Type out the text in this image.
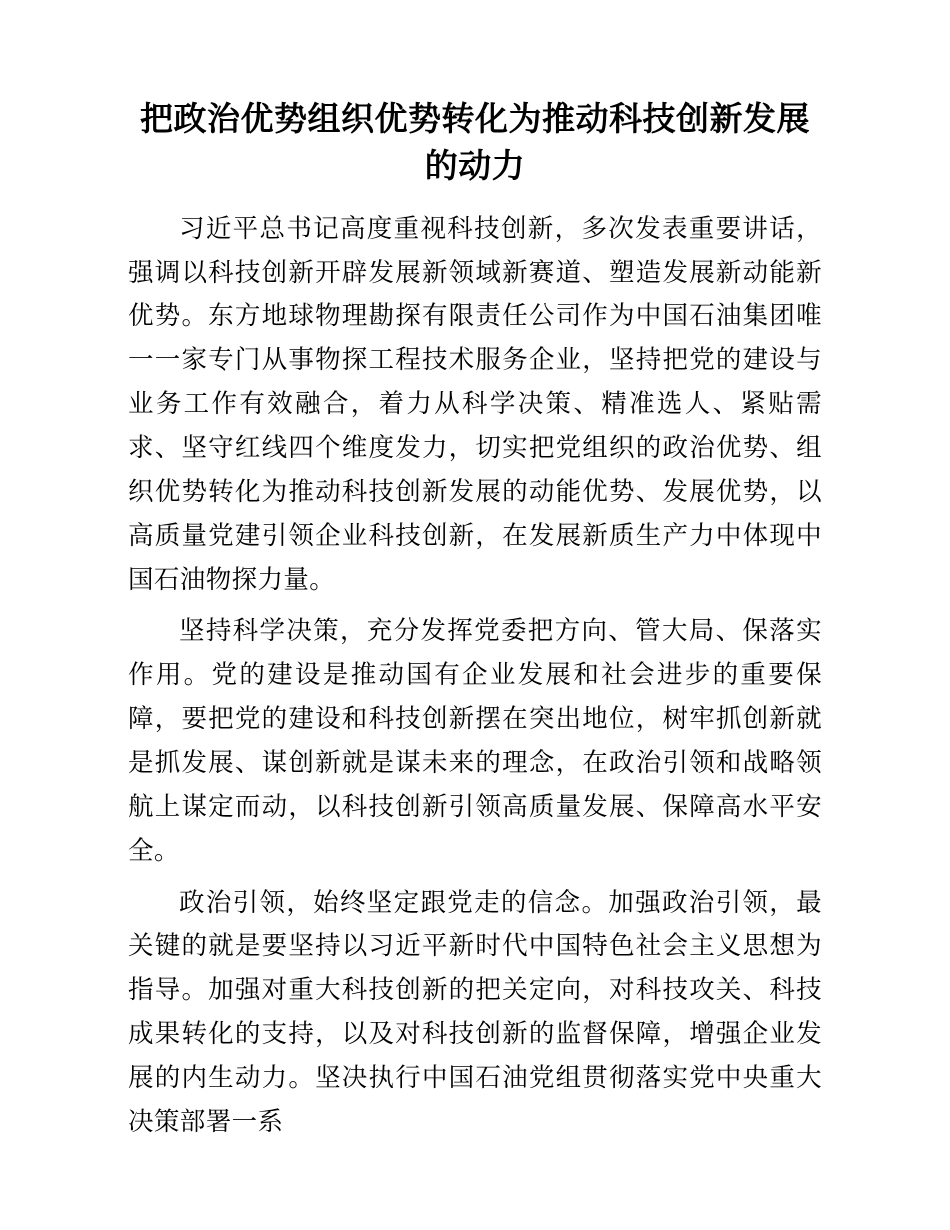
把政治优势组织优势转化为推动科技创新发展的动力

习近平总书记高度重视科技创新，多次发表重要讲话，强调以科技创新开辟发展新领域新赛道、塑造发展新动能新优势。东方地球物理勘探有限责任公司作为中国石油集团唯一一家专门从事物探工程技术服务企业，坚持把党的建设与业务工作有效融合，着力从科学决策、精准选人、紧贴需求、坚守红线四个维度发力，切实把党组织的政治优势、组织优势转化为推动科技创新发展的动能优势、发展优势，以高质量党建引领企业科技创新，在发展新质生产力中体现中国石油物探力量。

坚持科学决策，充分发挥党委把方向、管大局、保落实作用。党的建设是推动国有企业发展和社会进步的重要保障，要把党的建设和科技创新摆在突出地位，树牢抓创新就是抓发展、谋创新就是谋未来的理念，在政治引领和战略领航上谋定而动，以科技创新引领高质量发展、保障高水平安全。

政治引领，始终坚定跟党走的信念。加强政治引领，最关键的就是要坚持以习近平新时代中国特色社会主义思想为指导。加强对重大科技创新的把关定向，对科技攻关、科技成果转化的支持，以及对科技创新的监督保障，增强企业发展的内生动力。坚决执行中国石油党组贯彻落实党中央重大决策部署一系
